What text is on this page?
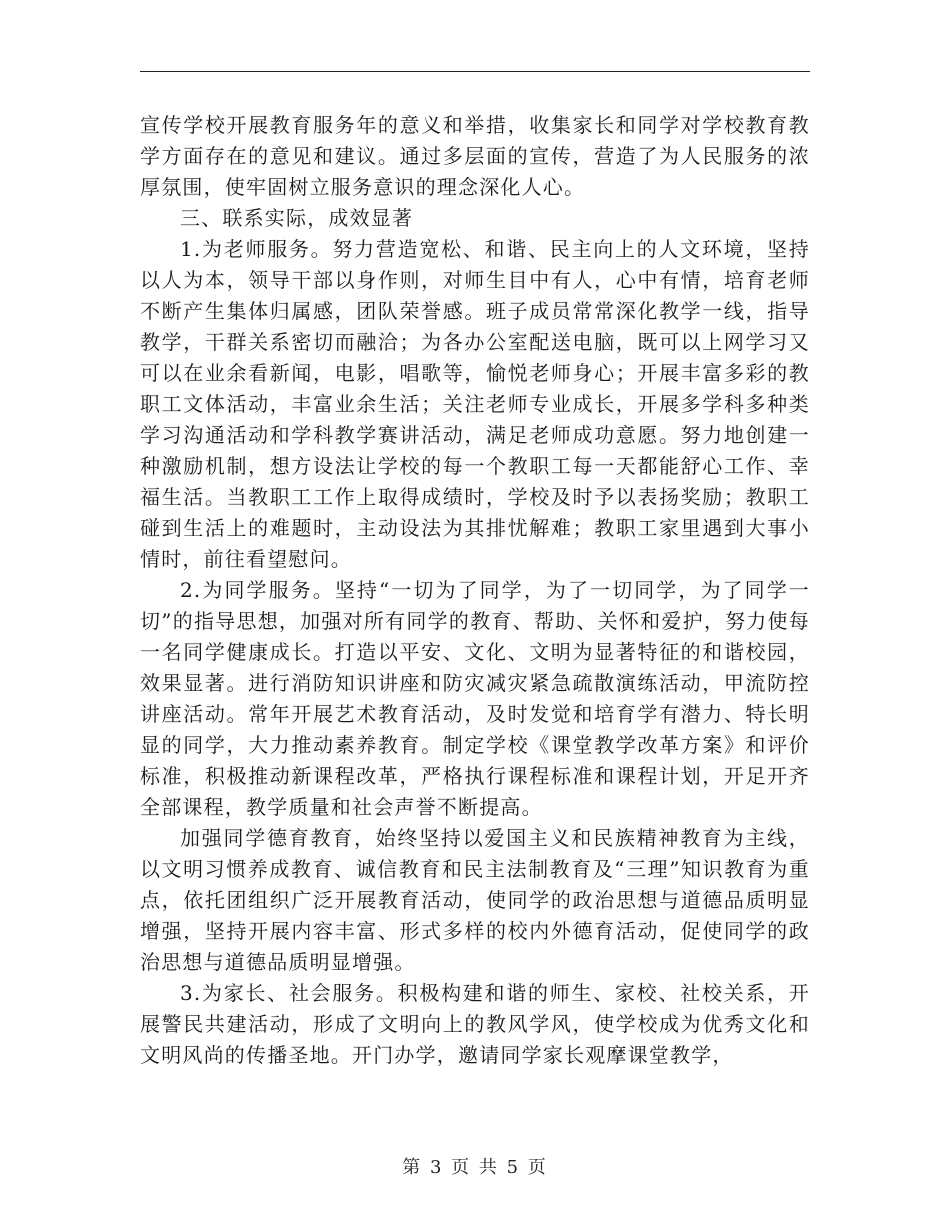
宣传学校开展教育服务年的意义和举措，收集家长和同学对学校教育教学方面存在的意见和建议。通过多层面的宣传，营造了为人民服务的浓厚氛围，使牢固树立服务意识的理念深化人心。

三、联系实际，成效显著

1.为老师服务。努力营造宽松、和谐、民主向上的人文环境，坚持以人为本，领导干部以身作则，对师生目中有人，心中有情，培育老师不断产生集体归属感，团队荣誉感。班子成员常常深化教学一线，指导教学，干群关系密切而融洽；为各办公室配送电脑，既可以上网学习又可以在业余看新闻，电影，唱歌等，愉悦老师身心；开展丰富多彩的教职工文体活动，丰富业余生活；关注老师专业成长，开展多学科多种类学习沟通活动和学科教学赛讲活动，满足老师成功意愿。努力地创建一种激励机制，想方设法让学校的每一个教职工每一天都能舒心工作、幸福生活。当教职工工作上取得成绩时，学校及时予以表扬奖励；教职工碰到生活上的难题时，主动设法为其排忧解难；教职工家里遇到大事小情时，前往看望慰问。

2.为同学服务。坚持“一切为了同学，为了一切同学，为了同学一切”的指导思想，加强对所有同学的教育、帮助、关怀和爱护，努力使每一名同学健康成长。打造以平安、文化、文明为显著特征的和谐校园，效果显著。进行消防知识讲座和防灾减灾紧急疏散演练活动，甲流防控讲座活动。常年开展艺术教育活动，及时发觉和培育学有潜力、特长明显的同学，大力推动素养教育。制定学校《课堂教学改革方案》和评价标准，积极推动新课程改革，严格执行课程标准和课程计划，开足开齐全部课程，教学质量和社会声誉不断提高。

加强同学德育教育，始终坚持以爱国主义和民族精神教育为主线，以文明习惯养成教育、诚信教育和民主法制教育及“三理”知识教育为重点，依托团组织广泛开展教育活动，使同学的政治思想与道德品质明显增强，坚持开展内容丰富、形式多样的校内外德育活动，促使同学的政治思想与道德品质明显增强。

3.为家长、社会服务。积极构建和谐的师生、家校、社校关系，开展警民共建活动，形成了文明向上的教风学风，使学校成为优秀文化和文明风尚的传播圣地。开门办学，邀请同学家长观摩课堂教学，

第 3 页 共 5 页
